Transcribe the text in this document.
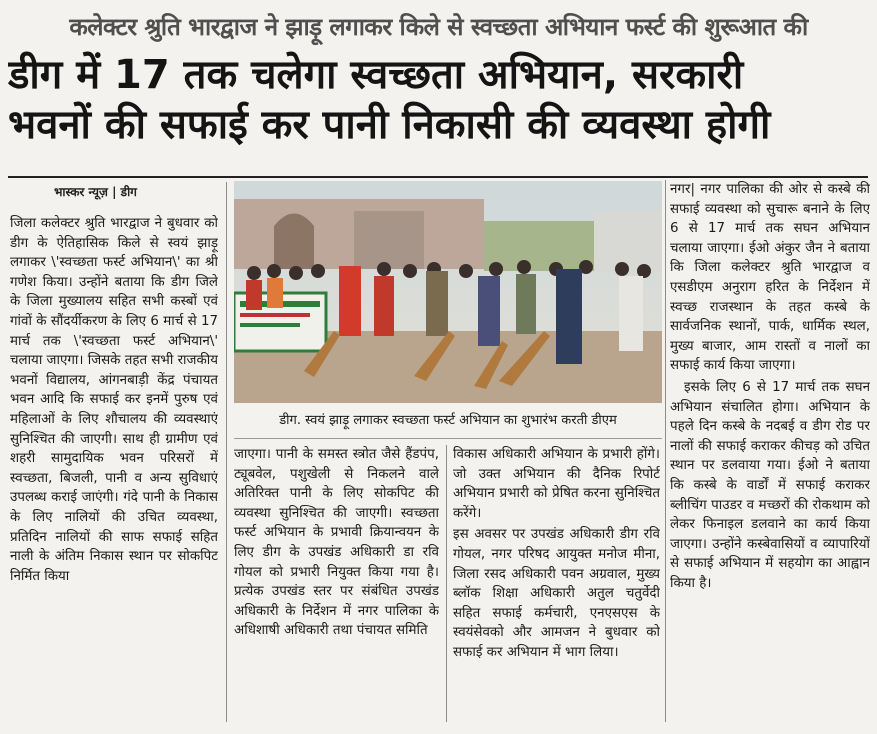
कलेक्टर श्रुति भारद्वाज ने झाड़ू लगाकर किले से स्वच्छता अभियान फर्स्ट की शुरूआत की
डीग में 17 तक चलेगा स्वच्छता अभियान, सरकारी
भवनों की सफाई कर पानी निकासी की व्यवस्था होगी
भास्कर न्यूज़ | डीग

जिला कलेक्टर श्रुति भारद्वाज ने बुधवार को डीग के ऐतिहासिक किले से स्वयं झाड़ू लगाकर \'स्वच्छता फर्स्ट अभियान\' का श्री गणेश किया। उन्होंने बताया कि डीग जिले के जिला मुख्यालय सहित सभी कस्बों एवं गांवों के सौंदर्यीकरण के लिए 6 मार्च से 17 मार्च तक \'स्वच्छता फर्स्ट अभियान\' चलाया जाएगा। जिसके तहत सभी राजकीय भवनों विद्यालय, आंगनबाड़ी केंद्र पंचायत भवन आदि कि सफाई कर इनमें पुरुष एवं महिलाओं के लिए शौचालय की व्यवस्थाएं सुनिश्चित की जाएगी। साथ ही ग्रामीण एवं शहरी सामुदायिक भवन परिसरों में स्वच्छता, बिजली, पानी व अन्य सुविधाएं उपलब्ध कराई जाएंगी। गंदे पानी के निकास के लिए नालियों की उचित व्यवस्था, प्रतिदिन नालियों की साफ सफाई सहित नाली के अंतिम निकास स्थान पर सोकपिट निर्मित किया

डीग. स्वयं झाड़ू लगाकर स्वच्छता फर्स्ट अभियान का शुभारंभ करती डीएम

जाएगा। पानी के समस्त स्त्रोत जैसे हैंडपंप, ट्यूबवेल, पशुखेली से निकलने वाले अतिरिक्त पानी के लिए सोकपिट की व्यवस्था सुनिश्चित की जाएगी। स्वच्छता फर्स्ट अभियान के प्रभावी क्रियान्वयन के लिए डीग के उपखंड अधिकारी डा रवि गोयल को प्रभारी नियुक्त किया गया है। प्रत्येक उपखंड स्तर पर संबंधित उपखंड अधिकारी के निर्देशन में नगर पालिका के अधिशाषी अधिकारी तथा पंचायत समिति

विकास अधिकारी अभियान के प्रभारी होंगे। जो उक्त अभियान की दैनिक रिपोर्ट अभियान प्रभारी को प्रेषित करना सुनिश्चित करेंगे।

इस अवसर पर उपखंड अधिकारी डीग रवि गोयल, नगर परिषद आयुक्त मनोज मीना, जिला रसद अधिकारी पवन अग्रवाल, मुख्य ब्लॉक शिक्षा अधिकारी अतुल चतुर्वेदी सहित सफाई कर्मचारी, एनएसएस के स्वयंसेवको और आमजन ने बुधवार को सफाई कर अभियान में भाग लिया।

नगर| नगर पालिका की ओर से कस्बे की सफाई व्यवस्था को सुचारू बनाने के लिए 6 से 17 मार्च तक सघन अभियान चलाया जाएगा। ईओ अंकुर जैन ने बताया कि जिला कलेक्टर श्रुति भारद्वाज व एसडीएम अनुराग हरित के निर्देशन में स्वच्छ राजस्थान के तहत कस्बे के सार्वजनिक स्थानों, पार्क, धार्मिक स्थल, मुख्य बाजार, आम रास्तों व नालों का सफाई कार्य किया जाएगा।

इसके लिए 6 से 17 मार्च तक सघन अभियान संचालित होगा। अभियान के पहले दिन कस्बे के नदबई व डीग रोड पर नालों की सफाई कराकर कीचड़ को उचित स्थान पर डलवाया गया। ईओ ने बताया कि कस्बे के वार्डों में सफाई कराकर ब्लीचिंग पाउडर व मच्छरों की रोकथाम को लेकर फिनाइल डलवाने का कार्य किया जाएगा। उन्होंने कस्बेवासियों व व्यापारियों से सफाई अभियान में सहयोग का आह्वान किया है।
